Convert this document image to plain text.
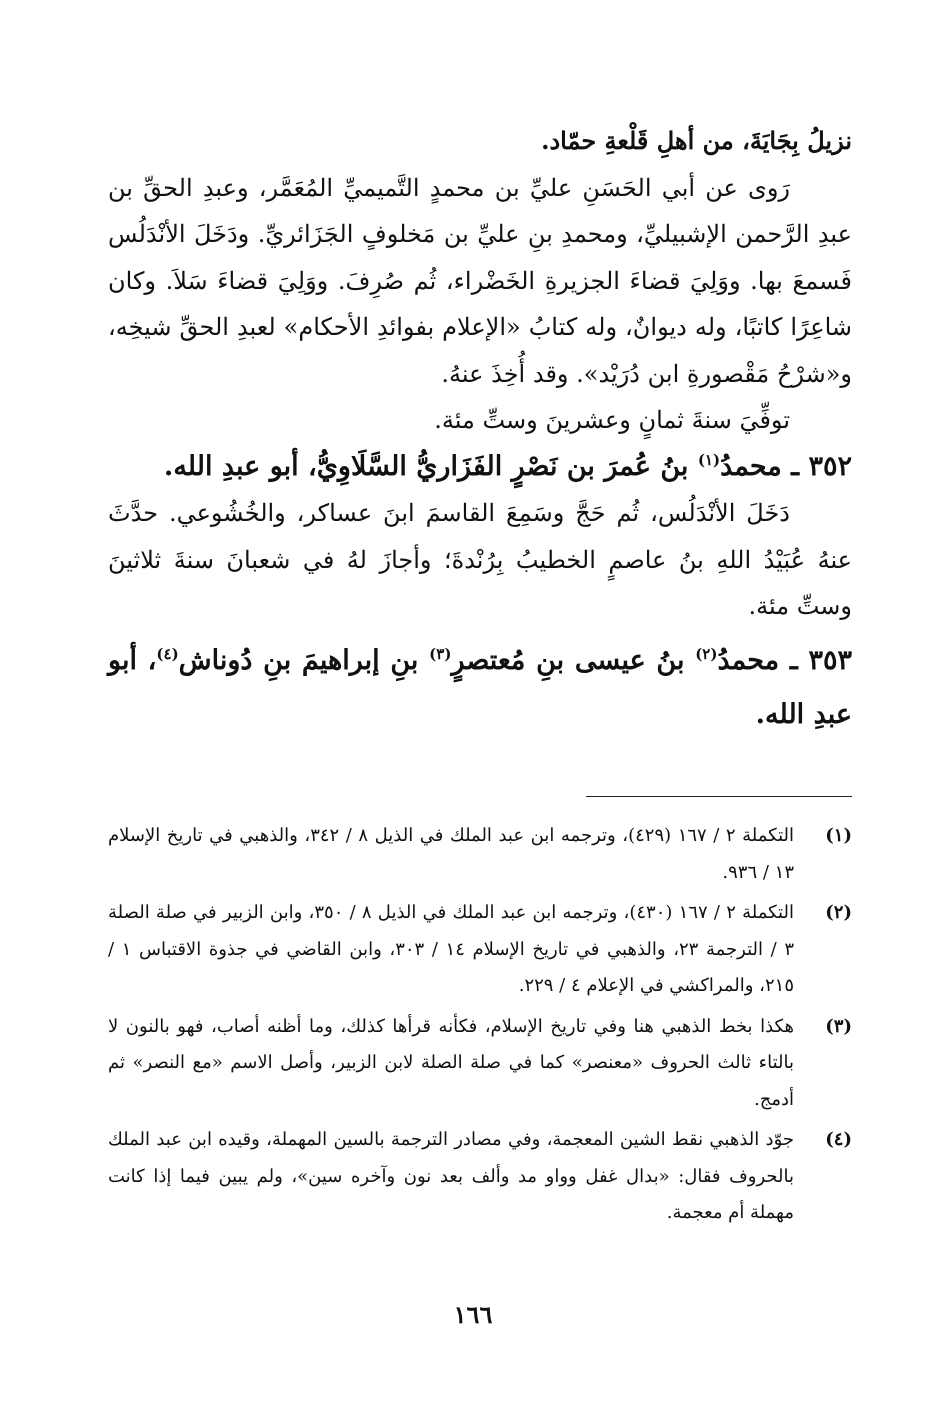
نزيلُ بِجَايَةَ، من أهلِ قَلْعةِ حمّاد.

رَوى عن أبي الحَسَنِ عليِّ بن محمدٍ التَّميميِّ المُعَمَّر، وعبدِ الحقِّ بن عبدِ الرَّحمن الإشبيليِّ، ومحمدِ بنِ عليِّ بن مَخلوفٍ الجَزَائريِّ. ودَخَلَ الأنْدَلُس فَسمعَ بها. ووَلِيَ قضاءَ الجزيرةِ الخَضْراء، ثُم صُرِفَ. ووَلِيَ قضاءَ سَلاَ. وكان شاعِرًا كاتبًا، وله ديوانٌ، وله كتابُ «الإعلام بفوائدِ الأحكام» لعبدِ الحقِّ شيخِه، و«شرْحُ مَقْصورةِ ابن دُرَيْد». وقد أُخِذَ عنهُ.

توفِّيَ سنةَ ثمانٍ وعشرينَ وستِّ مئة.

٣٥٢ ـ محمدُ$^{(١)}$ بنُ عُمرَ بن نَصْرٍ الفَزَاريُّ السَّلَاوِيُّ، أبو عبدِ الله.

دَخَلَ الأنْدَلُس، ثُم حَجَّ وسَمِعَ القاسمَ ابنَ عساكر، والخُشُوعي. حدَّثَ عنهُ عُبَيْدُ اللهِ بنُ عاصمٍ الخطيبُ بِرُنْدةَ؛ وأجازَ لهُ في شعبانَ سنةَ ثلاثينَ وستِّ مئة.

٣٥٣ ـ محمدُ$^{(٢)}$ بنُ عيسى بنِ مُعتصرٍ$^{(٣)}$ بنِ إبراهيمَ بنِ دُوناش$^{(٤)}$، أبو عبدِ الله.

(١)
التكملة ٢ / ١٦٧ (٤٢٩)، وترجمه ابن عبد الملك في الذيل ٨ / ٣٤٢، والذهبي في تاريخ الإسلام ١٣ / ٩٣٦.
(٢)
التكملة ٢ / ١٦٧ (٤٣٠)، وترجمه ابن عبد الملك في الذيل ٨ / ٣٥٠، وابن الزبير في صلة الصلة ٣ / الترجمة ٢٣، والذهبي في تاريخ الإسلام ١٤ / ٣٠٣، وابن القاضي في جذوة الاقتباس ١ / ٢١٥، والمراكشي في الإعلام ٤ / ٢٢٩.
(٣)
هكذا بخط الذهبي هنا وفي تاريخ الإسلام، فكأنه قرأها كذلك، وما أظنه أصاب، فهو بالنون لا بالتاء ثالث الحروف «معنصر» كما في صلة الصلة لابن الزبير، وأصل الاسم «مع النصر» ثم أدمج.
(٤)
جوّد الذهبي نقط الشين المعجمة، وفي مصادر الترجمة بالسين المهملة، وقيده ابن عبد الملك بالحروف فقال: «بدال غفل وواو مد وألف بعد نون وآخره سين»، ولم يبين فيما إذا كانت مهملة أم معجمة.
١٦٦
